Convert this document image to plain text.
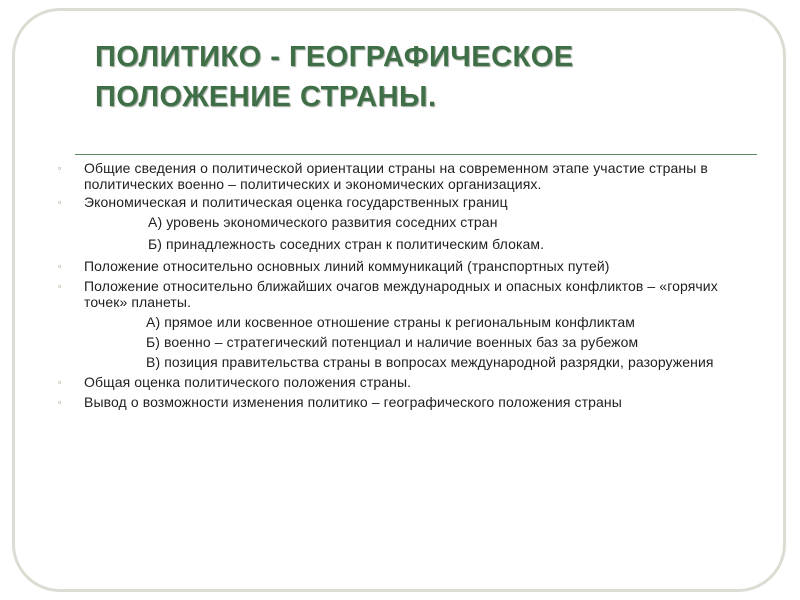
ПОЛИТИКО - ГЕОГРАФИЧЕСКОЕ
ПОЛОЖЕНИЕ СТРАНЫ.
▫	Общие сведения о политической ориентации страны на современном этапе участие страны в политических военно – политических и экономических организациях.
▫	Экономическая и политическая оценка государственных границ
А) уровень экономического развития соседних стран
Б) принадлежность соседних стран к политическим блокам.
▫	Положение относительно основных линий коммуникаций (транспортных путей)
▫	Положение относительно ближайших очагов международных и опасных конфликтов – «горячих точек» планеты.
А) прямое или косвенное отношение страны к региональным конфликтам
Б) военно – стратегический потенциал и наличие военных баз за рубежом
В) позиция правительства страны в вопросах международной разрядки, разоружения
▫	Общая оценка политического положения страны.
▫	Вывод о возможности изменения политико – географического положения страны
